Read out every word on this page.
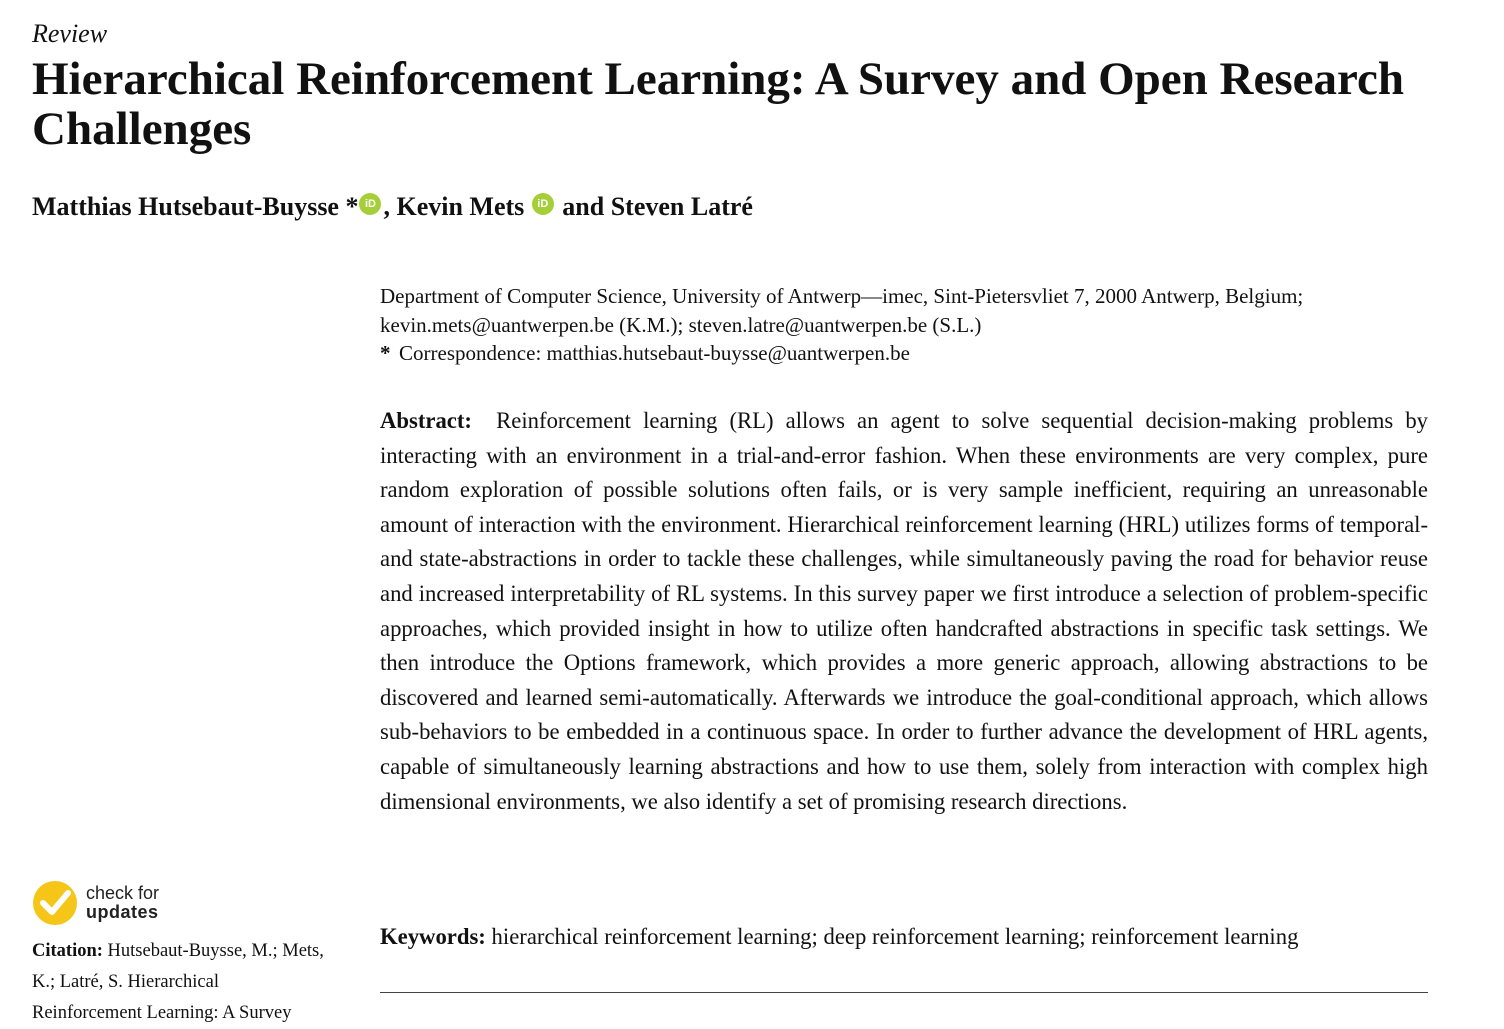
Review
Hierarchical Reinforcement Learning: A Survey and Open Research Challenges
Matthias Hutsebaut-Buysse * iD , Kevin Mets iD and Steven Latré
Department of Computer Science, University of Antwerp—imec, Sint-Pietersvliet 7, 2000 Antwerp, Belgium;
kevin.mets@uantwerpen.be (K.M.); steven.latre@uantwerpen.be (S.L.)
* Correspondence: matthias.hutsebaut-buysse@uantwerpen.be

Abstract: Reinforcement learning (RL) allows an agent to solve sequential decision-making problems by interacting with an environment in a trial-and-error fashion. When these environments are very complex, pure random exploration of possible solutions often fails, or is very sample inefficient, requiring an unreasonable amount of interaction with the environment. Hierarchical reinforcement learning (HRL) utilizes forms of temporal- and state-abstractions in order to tackle these challenges, while simultaneously paving the road for behavior reuse and increased interpretability of RL systems. In this survey paper we first introduce a selection of problem-specific approaches, which provided insight in how to utilize often handcrafted abstractions in specific task settings. We then introduce the Options framework, which provides a more generic approach, allowing abstractions to be discovered and learned semi-automatically. Afterwards we introduce the goal-conditional approach, which allows sub-behaviors to be embedded in a continuous space. In order to further advance the development of HRL agents, capable of simultaneously learning abstractions and how to use them, solely from interaction with complex high dimensional environments, we also identify a set of promising research directions.

Keywords: hierarchical reinforcement learning; deep reinforcement learning; reinforcement learning
check for
updates
Citation: Hutsebaut-Buysse, M.; Mets, K.; Latré, S. Hierarchical Reinforcement Learning: A Survey
